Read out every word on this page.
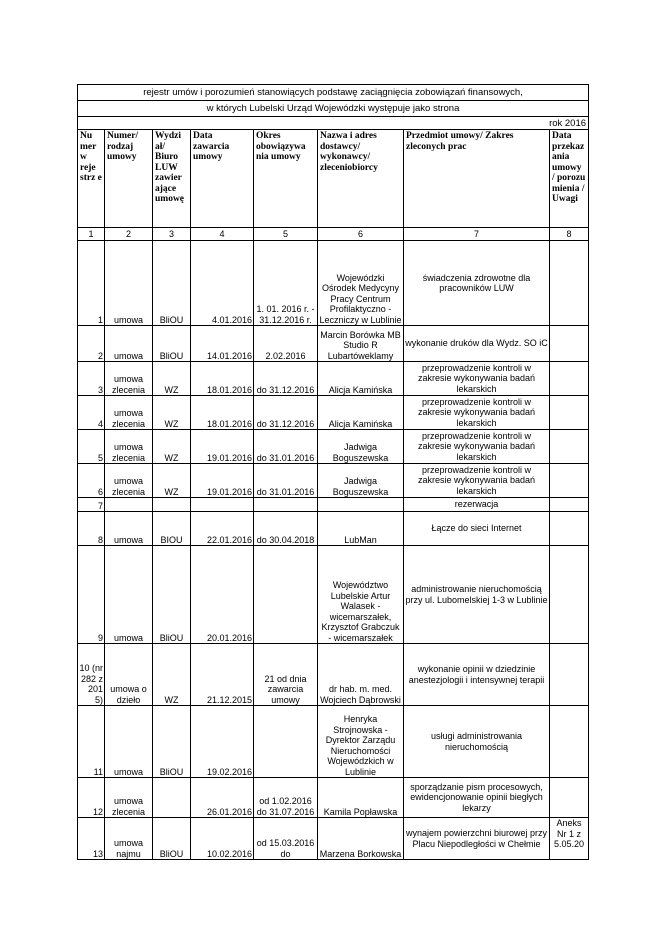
rejestr umów i porozumień stanowiących podstawę zaciągnięcia zobowiązań finansowych,							
w których Lubelski Urząd Wojewódzki występuje jako strona							
rok 2016							
Nu mer w reje strz e	Numer/ rodzaj umowy	Wydzi ał/ Biuro LUW zawier ające umowę	Data zawarcia umowy	Okres obowiązywa nia umowy	Nazwa i adres dostawcy/ wykonawcy/ zleceniobiorcy	Przedmiot umowy/ Zakres zleconych prac	Data przekaz ania umowy / porozu mienia / Uwagi
1	2	3	4	5	6	7	8
1	umowa	BliOU	4.01.2016	1. 01. 2016 r. - 31.12.2016 r.	Wojewódzki Ośrodek Medycyny Pracy Centrum Profilaktyczno - Leczniczy w Lublinie	świadczenia zdrowotne dla pracowników LUW	
2	umowa	BliOU	14.01.2016	2.02.2016	Marcin Borówka MB Studio R Lubartóweklamy	wykonanie druków dla Wydz. SO iC	
3	umowa zlecenia	WZ	18.01.2016	do 31.12.2016	Alicja Kamińska	przeprowadzenie kontroli w zakresie wykonywania badań lekarskich	
4	umowa zlecenia	WZ	18.01.2016	do 31.12.2016	Alicja Kamińska	przeprowadzenie kontroli w zakresie wykonywania badań lekarskich	
5	umowa zlecenia	WZ	19.01.2016	do 31.01.2016	Jadwiga Boguszewska	przeprowadzenie kontroli w zakresie wykonywania badań lekarskich	
6	umowa zlecenia	WZ	19.01.2016	do 31.01.2016	Jadwiga Boguszewska	przeprowadzenie kontroli w zakresie wykonywania badań lekarskich	
7						rezerwacja	
8	umowa	BIOU	22.01.2016	do 30.04.2018	LubMan	Łącze do sieci Internet	
9	umowa	BliOU	20.01.2016		Województwo Lubelskie Artur Walasek - wicemarszałek, Krzysztof Grabczuk - wicemarszałek	administrowanie nieruchomością przy ul. Lubomelskiej 1-3 w Lublinie	
10 (nr 282 z 201 5)	umowa o dzieło	WZ	21.12.2015	21 od dnia zawarcia umowy	dr hab. m. med. Wojciech Dąbrowski	wykonanie opinii w dziedzinie anestezjologii i intensywnej terapii	
11	umowa	BliOU	19.02.2016		Henryka Strojnowska - Dyrektor Zarządu Nieruchomości Wojewódzkich w Lublinie	usługi administrowania nieruchomością	
12	umowa zlecenia		26.01.2016	od 1.02.2016 do 31.07.2016	Kamila Popławska	sporządzanie pism procesowych, ewidencjonowanie opinii biegłych lekarzy	
13	umowa najmu	BliOU	10.02.2016	od 15.03.2016 do	Marzena Borkowska	wynajem powierzchni biurowej przy Placu Niepodległości w Chełmie	Aneks Nr 1 z 5.05.20
